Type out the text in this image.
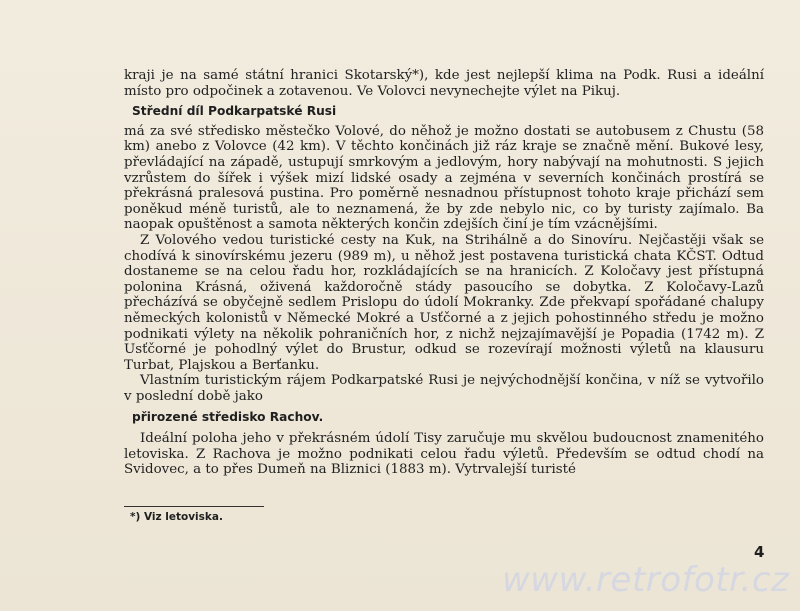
kraji je na samé státní hranici Skotarský*), kde jest nejlepší klima na Podk. Rusi a ideální místo pro odpočinek a zotavenou. Ve Volovci nevynechejte výlet na Pikuj.

Střední díl Podkarpatské Rusi

má za své středisko městečko Volové, do něhož je možno dostati se autobusem z Chustu (58 km) anebo z Volovce (42 km). V těchto končinách již ráz kraje se značně mění. Bukové lesy, převládající na západě, ustupují smrkovým a jedlovým, hory nabývají na mohutnosti. S jejich vzrůstem do šířek i výšek mizí lidské osady a zejména v severních končinách prostírá se překrásná pralesová pustina. Pro poměrně nesnadnou přístupnost tohoto kraje přichází sem poněkud méně turistů, ale to neznamená, že by zde nebylo nic, co by turisty zajímalo. Ba naopak opuštěnost a samota některých končin zdejších činí je tím vzácnějšími.

Z Volového vedou turistické cesty na Kuk, na Strihálně a do Sinovíru. Nejčastěji však se chodívá k sinovírskému jezeru (989 m), u něhož jest postavena turistická chata KČST. Odtud dostaneme se na celou řadu hor, rozkládajících se na hranicích. Z Koločavy jest přístupná polonina Krásná, oživená každoročně stády pasoucího se dobytka. Z Koločavy-Lazů přecházívá se obyčejně sedlem Prislopu do údolí Mokranky. Zde překvapí spořádané chalupy německých kolonistů v Německé Mokré a Usťčorné a z jejich pohostinného středu je možno podnikati výlety na několik pohraničních hor, z nichž nejzajímavější je Popadia (1742 m). Z Usťčorné je pohodlný výlet do Brustur, odkud se rozevírají možnosti výletů na klausuru Turbat, Plajskou a Berťanku.

Vlastním turistickým rájem Podkarpatské Rusi je nejvýchodnější končina, v níž se vytvořilo v poslední době jako

přirozené středisko Rachov.

Ideální poloha jeho v překrásném údolí Tisy zaručuje mu skvělou budoucnost znamenitého letoviska. Z Rachova je možno podnikati celou řadu výletů. Především se odtud chodí na Svidovec, a to přes Dumeň na Bliznici (1883 m). Vytrvalejší turisté

*) Viz letoviska.
4
www.retrofotr.cz
